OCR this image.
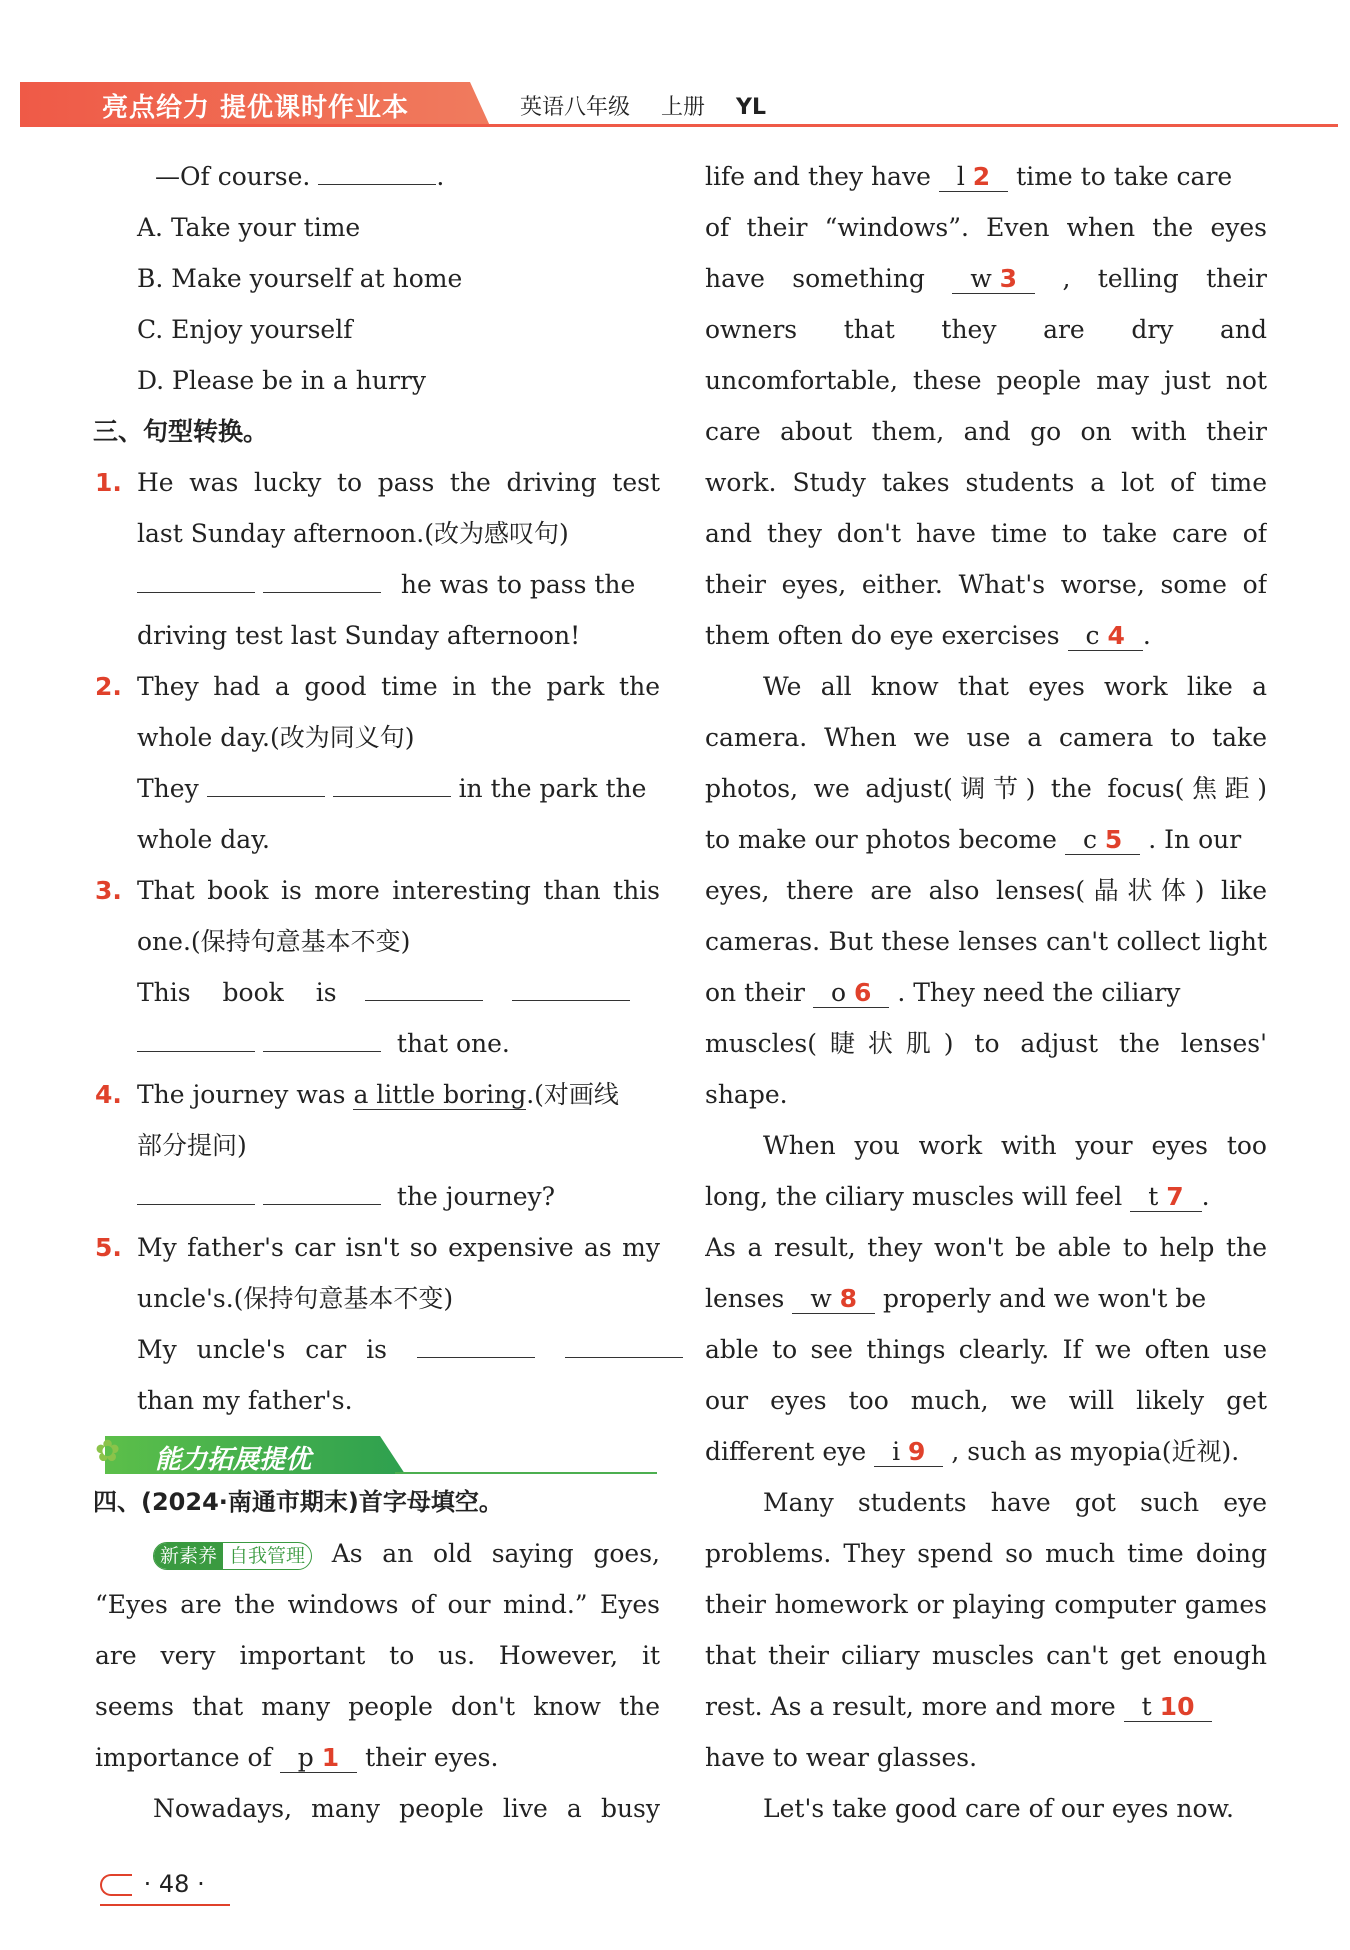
亮点给力 提优课时作业本	英语八年级 上册 YL
—Of course.	.
A. Take your time
B. Make yourself at home
C. Enjoy yourself
D. Please be in a hurry
三、句型转换。
1. He was lucky to pass the driving test
last Sunday afternoon.(改为感叹句)
he was to pass the
driving test last Sunday afternoon!
2. They had a good time in the park the
whole day.(改为同义句)
They	in the park the
whole day.
3. That book is more interesting than this
one.(保持句意基本不变)
This book is
that one.
4. The journey was a little boring.(对画线
部分提问)
the journey?
5. My father's car isn't so expensive as my
uncle's.(保持句意基本不变)
My uncle's car is
than my father's.
✿	能力拓展提优
四、(2024·南通市期末)首字母填空。
新素养 自我管理 As an old saying goes,
“Eyes are the windows of our mind.” Eyes
are very important to us. However, it
seems that many people don't know the
importance of p 1 their eyes.
Nowadays, many people live a busy
life and they have l 2 time to take care
of their “windows”. Even when the eyes
have something w 3 , telling their
owners that they are dry and
uncomfortable, these people may just not
care about them, and go on with their
work. Study takes students a lot of time
and they don't have time to take care of
their eyes, either. What's worse, some of
them often do eye exercises c 4 .
We all know that eyes work like a
camera. When we use a camera to take
photos, we adjust(调节) the focus(焦距)
to make our photos become c 5 . In our
eyes, there are also lenses(晶状体) like
cameras. But these lenses can't collect light
on their o 6 . They need the ciliary
muscles(睫状肌) to adjust the lenses'
shape.
When you work with your eyes too
long, the ciliary muscles will feel t 7 .
As a result, they won't be able to help the
lenses w 8 properly and we won't be
able to see things clearly. If we often use
our eyes too much, we will likely get
different eye i 9 , such as myopia(近视).
Many students have got such eye
problems. They spend so much time doing
their homework or playing computer games
that their ciliary muscles can't get enough
rest. As a result, more and more t 10
have to wear glasses.
Let's take good care of our eyes now.
· 48 ·
